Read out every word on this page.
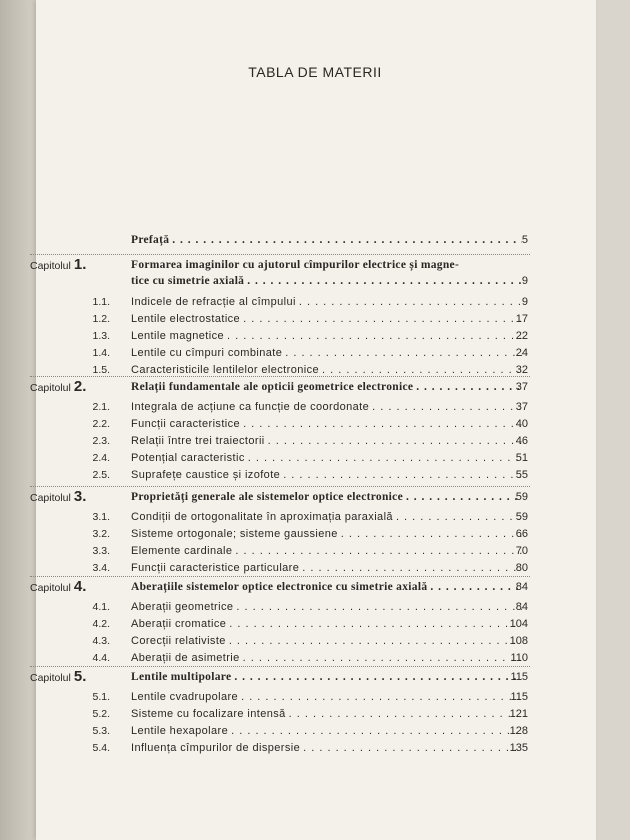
TABLA DE MATERII
Prefață . . .	5
Capitolul 1.	Formarea imaginilor cu ajutorul cîmpurilor electrice și magne-
tice cu simetrie axială . . .	9
1.1. Indicele de refracție al cîmpului . . .	9
1.2. Lentile electrostatice . . .	17
1.3. Lentile magnetice . . .	22
1.4. Lentile cu cîmpuri combinate . . .	24
1.5. Caracteristicile lentilelor electronice . . .	32
Capitolul 2.	Relații fundamentale ale opticii geometrice electronice . . .	37
2.1. Integrala de acțiune ca funcție de coordonate . . .	37
2.2. Funcții caracteristice . . .	40
2.3. Relații între trei traiectorii . . .	46
2.4. Potențial caracteristic . . .	51
2.5. Suprafețe caustice și izofote . . .	55
Capitolul 3.	Proprietăți generale ale sistemelor optice electronice . . .	59
3.1. Condiții de ortogonalitate în aproximația paraxială . . .	59
3.2. Sisteme ortogonale; sisteme gaussiene . . .	66
3.3. Elemente cardinale . . .	70
3.4. Funcții caracteristice particulare . . .	80
Capitolul 4.	Aberațiile sistemelor optice electronice cu simetrie axială . . .	84
4.1. Aberații geometrice . . .	84
4.2. Aberații cromatice . . .	104
4.3. Corecții relativiste . . .	108
4.4. Aberații de asimetrie . . .	110
Capitolul 5.	Lentile multipolare . . .	115
5.1. Lentile cvadrupolare . . .	115
5.2. Sisteme cu focalizare intensă . . .	121
5.3. Lentile hexapolare . . .	128
5.4. Influența cîmpurilor de dispersie . . .	135
